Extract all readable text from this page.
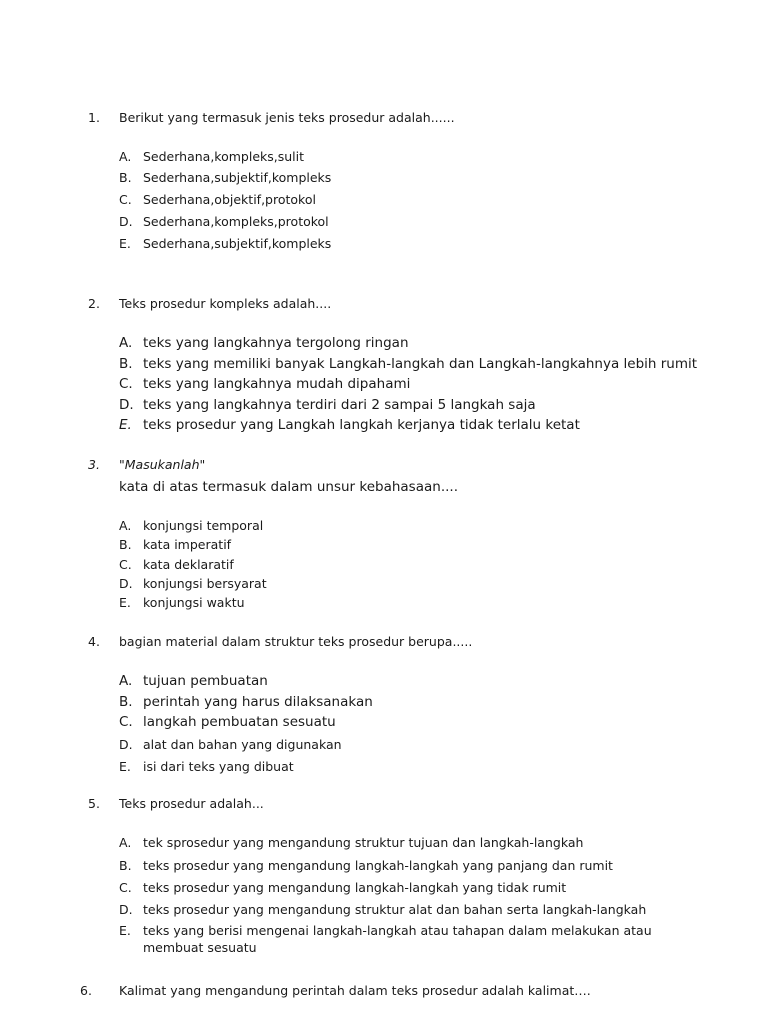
1. Berikut yang termasuk jenis teks prosedur adalah......
A. Sederhana,kompleks,sulit
B. Sederhana,subjektif,kompleks
C. Sederhana,objektif,protokol
D. Sederhana,kompleks,protokol
E. Sederhana,subjektif,kompleks
2. Teks prosedur kompleks adalah....
A. teks yang langkahnya tergolong ringan
B. teks yang memiliki banyak Langkah-langkah dan Langkah-langkahnya lebih rumit
C. teks yang langkahnya mudah dipahami
D. teks yang langkahnya terdiri dari 2 sampai 5 langkah saja
E. teks prosedur yang Langkah langkah kerjanya tidak terlalu ketat
3. "Masukanlah"
kata di atas termasuk dalam unsur kebahasaan....
A. konjungsi temporal
B. kata imperatif
C. kata deklaratif
D. konjungsi bersyarat
E. konjungsi waktu
4. bagian material dalam struktur teks prosedur berupa.....
A. tujuan pembuatan
B. perintah yang harus dilaksanakan
C. langkah pembuatan sesuatu
D. alat dan bahan yang digunakan
E. isi dari teks yang dibuat
5. Teks prosedur adalah...
A. tek sprosedur yang mengandung struktur tujuan dan langkah-langkah
B. teks prosedur yang mengandung langkah-langkah yang panjang dan rumit
C. teks prosedur yang mengandung langkah-langkah yang tidak rumit
D. teks prosedur yang mengandung struktur alat dan bahan serta langkah-langkah
E. teks yang berisi mengenai langkah-langkah atau tahapan dalam melakukan atau
membuat sesuatu
6. Kalimat yang mengandung perintah dalam teks prosedur adalah kalimat….
